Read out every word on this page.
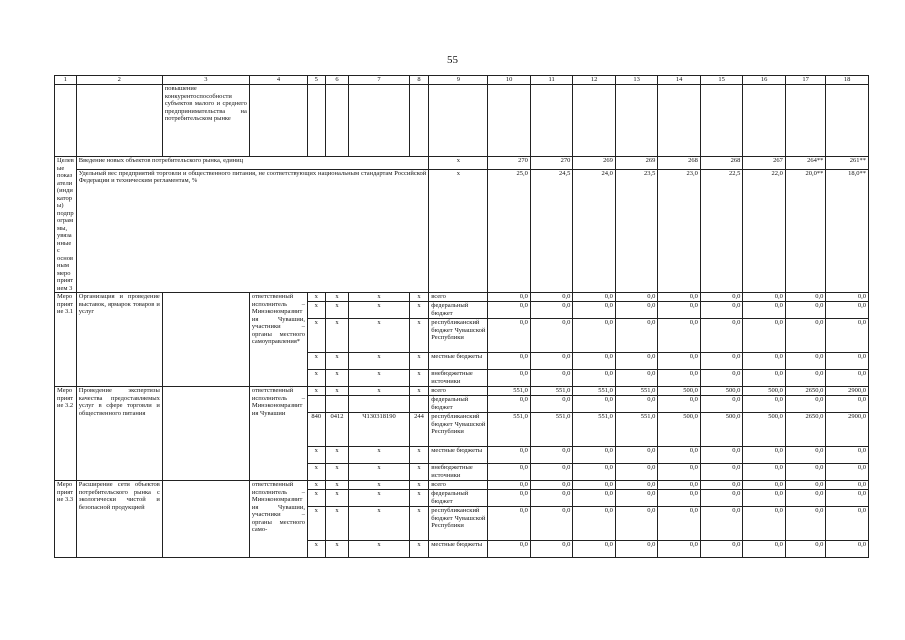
55
1	2	3	4	5	6	7	8	9	10	11	12	13	14	15	16	17	18
		повышение конкурентоспособности субъектов малого и среднего предпринимательства на потребительском рынке															
Целевые показатели (индикаторы) подпрограммы, увязанные с основным мероприятием 3	Введение новых объектов потребительского рынка, единиц							x	270	270	269	269	268	268	267	264**	261**
	Удельный вес предприятий торговли и общественного питания, не соответствующих национальным стандартам Российской Федерации и техническим регламентам, %							x	25,0	24,5	24,0	23,5	23,0	22,5	22,0	20,0**	18,0**
Мероприятие 3.1	Организация и проведение выставок, ярмарок товаров и услуг		ответственный исполнитель – Минэкономразвития Чувашии, участники – органы местного самоуправления*	x	x	x	x	всего	0,0	0,0	0,0	0,0	0,0	0,0	0,0	0,0	0,0
				x	x	x	x	федеральный бюджет	0,0	0,0	0,0	0,0	0,0	0,0	0,0	0,0	0,0
				x	x	x	x	республиканский бюджет Чувашской Республики	0,0	0,0	0,0	0,0	0,0	0,0	0,0	0,0	0,0
				x	x	x	x	местные бюджеты	0,0	0,0	0,0	0,0	0,0	0,0	0,0	0,0	0,0
				x	x	x	x	внебюджетные источники	0,0	0,0	0,0	0,0	0,0	0,0	0,0	0,0	0,0
Мероприятие 3.2	Проведение экспертизы качества предоставляемых услуг в сфере торговли и общественного питания		ответственный исполнитель – Минэкономразвития Чувашии	x	x	x	x	всего	551,0	551,0	551,0	551,0	500,0	500,0	500,0	2650,0	2900,0
								федеральный бюджет	0,0	0,0	0,0	0,0	0,0	0,0	0,0	0,0	0,0
				840	0412	Ч130318190	244	республиканский бюджет Чувашской Республики	551,0	551,0	551,0	551,0	500,0	500,0	500,0	2650,0	2900,0
				x	x	x	x	местные бюджеты	0,0	0,0	0,0	0,0	0,0	0,0	0,0	0,0	0,0
				x	x	x	x	внебюджетные источники	0,0	0,0	0,0	0,0	0,0	0,0	0,0	0,0	0,0
Мероприятие 3.3	Расширение сети объектов потребительского рынка с экологически чистой и безопасной продукцией		ответственный исполнитель – Минэкономразвития Чувашии, участники – органы местного само-	x	x	x	x	всего	0,0	0,0	0,0	0,0	0,0	0,0	0,0	0,0	0,0
				x	x	x	x	федеральный бюджет	0,0	0,0	0,0	0,0	0,0	0,0	0,0	0,0	0,0
				x	x	x	x	республиканский бюджет Чувашской Республики	0,0	0,0	0,0	0,0	0,0	0,0	0,0	0,0	0,0
				x	x	x	x	местные бюджеты	0,0	0,0	0,0	0,0	0,0	0,0	0,0	0,0	0,0
